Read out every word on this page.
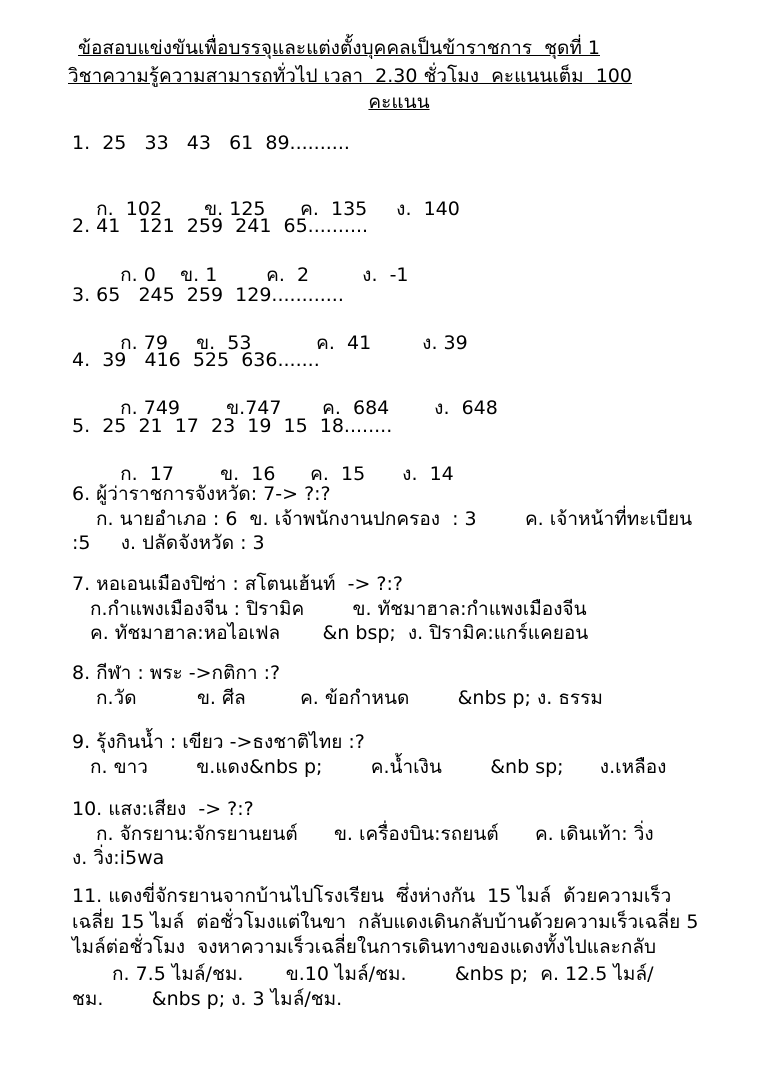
ข้อสอบแข่งขันเพื่อบรรจุและแต่งตั้งบุคคลเป็นข้าราชการ  ชุดที่ 1
วิชาความรู้ความสามารถทั่วไป เวลา  2.30 ชั่วโมง  คะแนนเต็ม  100
คะแนน
1.  25   33   43   61  89..........

ก.  102 ข. 125 ค.  135 ง.  140

2. 41   121  259  241  65..........

ก. 0 ข. 1	ค.  2	ง.  -1

3. 65   245  259  129............

ก. 79 ข.  53	ค.  41	ง. 39

4.  39   416  525  636.......

ก. 749 ข.747 ค.  684 ง.  648

5.  25  21  17  23  19  15  18........

ก.  17 ข.  16 ค.  15 ง.  14

6. ผู้ว่าราชการจังหวัด: 7-> ?:?
ก. นายอำเภอ : 6  ข. เจ้าพนักงานปกครอง  : 3        ค. เจ้าหน้าที่ทะเบียน
:5     ง. ปลัดจังหวัด : 3
7. หอเอนเมืองปิซ่า : สโตนเฮ้นท์  -> ?:?
ก.กำแพงเมืองจีน : ปิรามิค        ข. ทัชมาฮาล:กำแพงเมืองจีน
ค. ทัชมาฮาล:หอไอเฟล       &n bsp;  ง. ปิรามิค:แกร์แคยอน
8. กีฬา : พระ ->กติกา :?
ก.วัด          ข. ศีล         ค. ข้อกำหนด        &nbs p; ง. ธรรม
9. รุ้งกินน้ำ : เขียว ->ธงชาติไทย :?
ก. ขาว        ข.แดง&nbs p;        ค.น้ำเงิน        &nb sp;      ง.เหลือง
10. แสง:เสียง  -> ?:?
ก. จักรยาน:จักรยานยนต์      ข. เครื่องบิน:รถยนต์      ค. เดินเท้า: วิ่ง
ง. วิ่ง:i5wa
11. แดงขี่จักรยานจากบ้านไปโรงเรียน  ซึ่งห่างกัน  15 ไมล์  ด้วยความเร็ว
เฉลี่ย 15 ไมล์  ต่อชั่วโมงแต่ในขา  กลับแดงเดินกลับบ้านด้วยความเร็วเฉลี่ย 5
ไมล์ต่อชั่วโมง  จงหาความเร็วเฉลี่ยในการเดินทางของแดงทั้งไปและกลับ
ก. 7.5 ไมล์/ชม.       ข.10 ไมล์/ชม.        &nbs p;  ค. 12.5 ไมล์/
ชม.        &nbs p; ง. 3 ไมล์/ชม.
